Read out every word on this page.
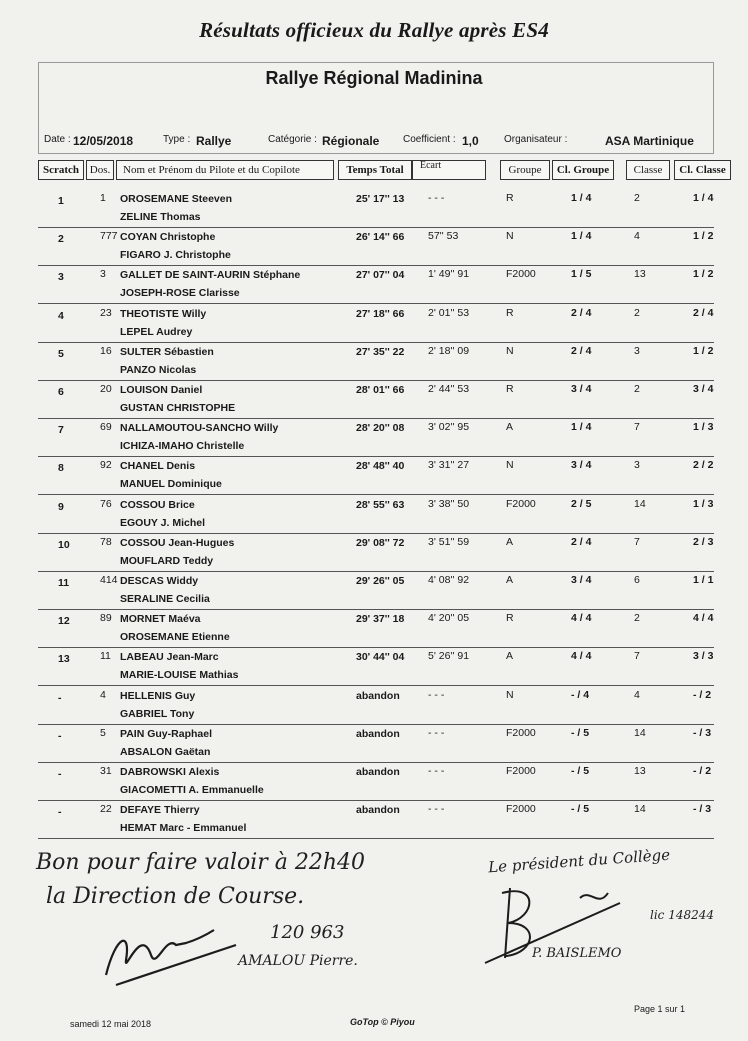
Résultats officieux du Rallye après ES4
Rallye Régional Madinina
Date : 12/05/2018	Type : Rallye	Catégorie : Régionale Coefficient : 1,0	Organisateur :	ASA Martinique
Scratch Dos.	Nom et Prénom du Pilote et du Copilote	Temps Total	Ecart	Groupe	Cl. Groupe	Classe	Cl. Classe
1	1 OROSEMANE Steeven
ZELINE Thomas
25' 17'' 13 - - -	R	1 / 4	2	1 / 4
2	777 COYAN Christophe
FIGARO J. Christophe
26' 14'' 66 57'' 53	N	1 / 4	4	1 / 2
3	3 GALLET DE SAINT-AURIN Stéphane
JOSEPH-ROSE Clarisse
27' 07'' 04 1' 49'' 91	F2000	1 / 5	13	1 / 2
4	23 THEOTISTE Willy
LEPEL Audrey
27' 18'' 66 2' 01'' 53	R	2 / 4	2	2 / 4
5	16 SULTER Sébastien
PANZO Nicolas
27' 35'' 22 2' 18'' 09	N	2 / 4	3	1 / 2
6	20 LOUISON Daniel
GUSTAN CHRISTOPHE
28' 01'' 66 2' 44'' 53	R	3 / 4	2	3 / 4
7	69 NALLAMOUTOU-SANCHO Willy
ICHIZA-IMAHO Christelle
28' 20'' 08 3' 02'' 95	A	1 / 4	7	1 / 3
8	92 CHANEL Denis
MANUEL Dominique
28' 48'' 40 3' 31'' 27	N	3 / 4	3	2 / 2
9	76 COSSOU Brice
EGOUY J. Michel
28' 55'' 63 3' 38'' 50	F2000	2 / 5	14	1 / 3
10	78 COSSOU Jean-Hugues
MOUFLARD Teddy
29' 08'' 72 3' 51'' 59	A	2 / 4	7	2 / 3
11	414 DESCAS Widdy
SERALINE Cecilia
29' 26'' 05 4' 08'' 92	A	3 / 4	6	1 / 1
12	89 MORNET Maéva
OROSEMANE Etienne
29' 37'' 18 4' 20'' 05	R	4 / 4	2	4 / 4
13	11 LABEAU Jean-Marc
MARIE-LOUISE Mathias
30' 44'' 04 5' 26'' 91	A	4 / 4	7	3 / 3
-	4 HELLENIS Guy
GABRIEL Tony
abandon	- - -	N	- / 4	4	- / 2
-	5 PAIN Guy-Raphael
ABSALON Gaëtan
abandon	- - -	F2000	- / 5	14	- / 3
-	31 DABROWSKI Alexis
GIACOMETTI A. Emmanuelle
abandon	- - -	F2000	- / 5	13	- / 2
-	22 DEFAYE Thierry
HEMAT Marc - Emmanuel
abandon	- - -	F2000	- / 5	14	- / 3
Bon pour faire valoir à 22h40
la Direction de Course.
120 963
AMALOU Pierre.
Le président du Collège
lic 148244
P. BAISLEMO
samedi 12 mai 2018	GoTop © Piyou
Page 1 sur 1
